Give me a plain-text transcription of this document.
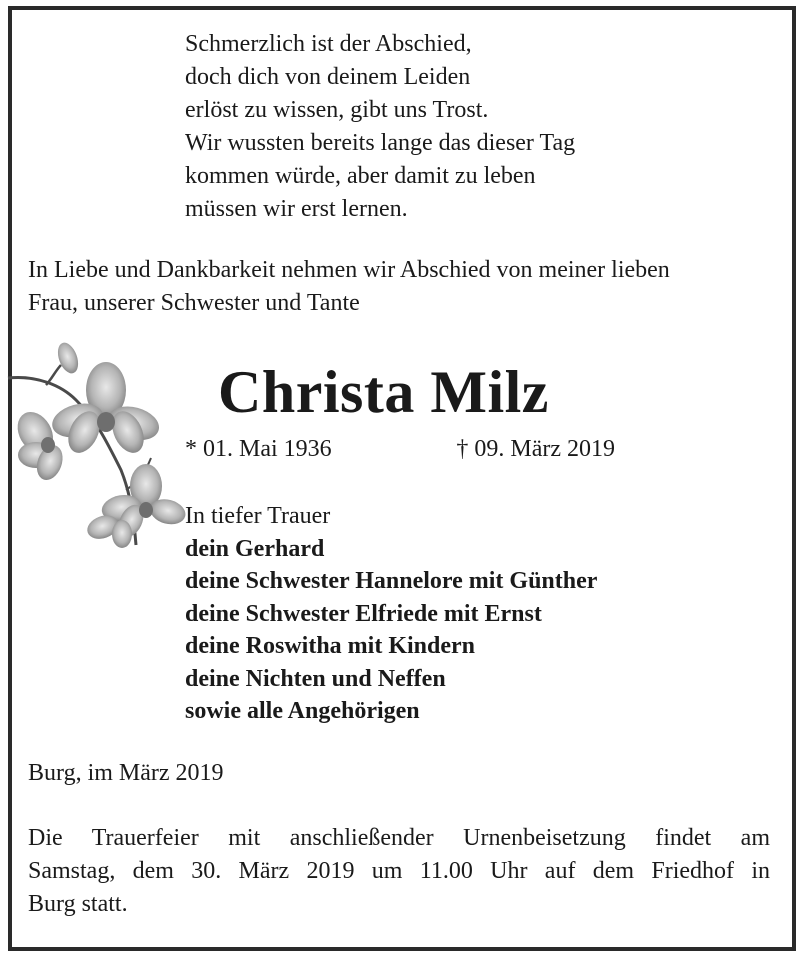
Schmerzlich ist der Abschied,
doch dich von deinem Leiden
erlöst zu wissen, gibt uns Trost.
Wir wussten bereits lange das dieser Tag
kommen würde, aber damit zu leben
müssen wir erst lernen.
In Liebe und Dankbarkeit nehmen wir Abschied von meiner lieben
Frau, unserer Schwester und Tante
Christa Milz
* 01. Mai 1936	† 09. März 2019
In tiefer Trauer
dein Gerhard
deine Schwester Hannelore mit Günther
deine Schwester Elfriede mit Ernst
deine Roswitha mit Kindern
deine Nichten und Neffen
sowie alle Angehörigen
Burg, im März 2019
Die Trauerfeier mit anschließender Urnenbeisetzung findet am
Samstag, dem 30. März 2019 um 11.00 Uhr auf dem Friedhof in
Burg statt.
